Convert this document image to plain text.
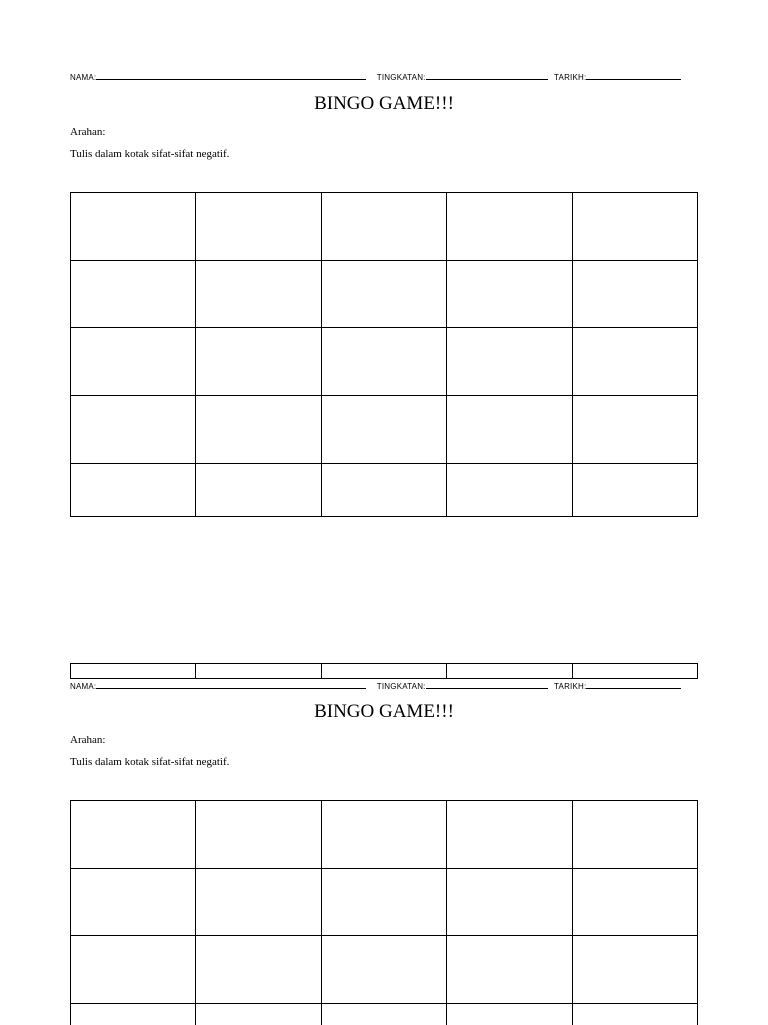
NAMA:	TINGKATAN:	TARIKH:
BINGO GAME!!!
Arahan:
Tulis dalam kotak sifat-sifat negatif.

NAMA:	TINGKATAN:	TARIKH:
BINGO GAME!!!
Arahan:
Tulis dalam kotak sifat-sifat negatif.
